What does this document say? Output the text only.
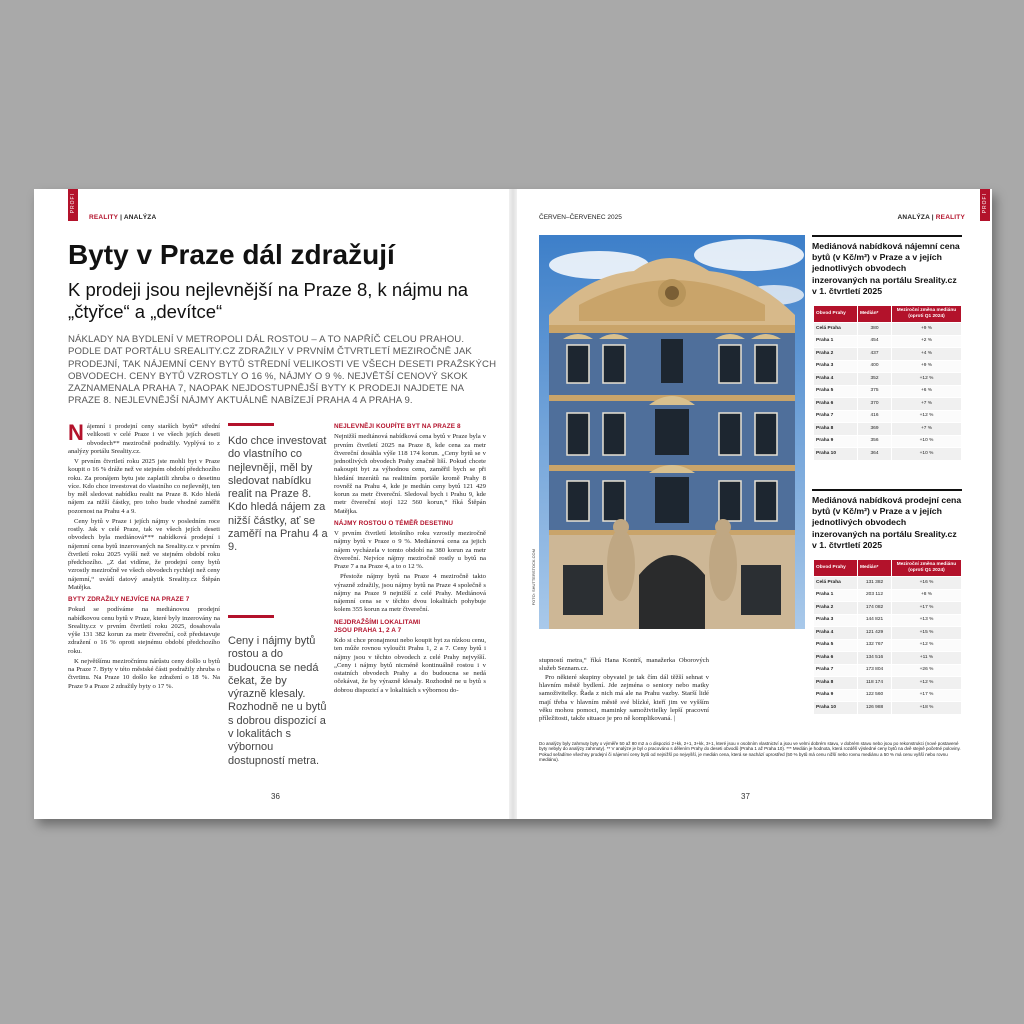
PROFI
REALITY | ANALÝZA
Byty v Praze dál zdražují
K prodeji jsou nejlevnější na Praze 8, k nájmu na „čtyřce“ a „devítce“
NÁKLADY NA BYDLENÍ V METROPOLI DÁL ROSTOU – A TO NAPŘÍČ CELOU PRAHOU. PODLE DAT PORTÁLU SREALITY.CZ ZDRAŽILY V PRVNÍM ČTVRTLETÍ MEZIROČNĚ JAK PRODEJNÍ, TAK NÁJEMNÍ CENY BYTŮ STŘEDNÍ VELIKOSTI VE VŠECH DESETI PRAŽSKÝCH OBVODECH. CENY BYTŮ VZROSTLY O 16 %, NÁJMY O 9 %. NEJVĚTŠÍ CENOVÝ SKOK ZAZNAMENALA PRAHA 7, NAOPAK NEJDOSTUPNĚJŠÍ BYTY K PRODEJI NAJDETE NA PRAZE 8. NEJLEVNĚJŠÍ NÁJMY AKTUÁLNĚ NABÍZEJÍ PRAHA 4 A PRAHA 9.

Nájemní i prodejní ceny starších bytů* střední velikosti v celé Praze i ve všech jejích deseti obvodech** meziročně podražily. Vyplývá to z analýzy portálu Sreality.cz.

V prvním čtvrtletí roku 2025 jste mohli byt v Praze koupit o 16 % dráže než ve stejném období předchozího roku. Za pronájem bytu jste zaplatili zhruba o desetinu více. Kdo chce investovat do vlastního co nejlevněji, ten by měl sledovat nabídku realit na Praze 8. Kdo hledá nájem za nižší částky, pro toho bude vhodné zaměřit pozornost na Prahu 4 a 9.

Ceny bytů v Praze i jejích nájmy v posledním roce rostly. Jak v celé Praze, tak ve všech jejích deseti obvodech byla mediánová*** nabídková prodejní i nájemní cena bytů inzerovaných na Sreality.cz v prvním čtvrtletí roku 2025 vyšší než ve stejném období roku předchozího. „Z dat vidíme, že prodejní ceny bytů vzrostly meziročně ve všech obvodech rychleji než ceny nájemní,“ uvádí datový analytik Sreality.cz Štěpán Matějka.

BYTY ZDRAŽILY NEJVÍCE NA PRAZE 7

Pokud se podíváme na mediánovou prodejní nabídkovou cenu bytů v Praze, které byly inzerovány na Sreality.cz v prvním čtvrtletí roku 2025, dosahovala výše 131 382 korun za metr čtvereční, což představuje zdražení o 16 % oproti stejnému období předchozího roku.

K největšímu meziročnímu nárůstu ceny došlo u bytů na Praze 7. Byty v této městské části podražily zhruba o čtvrtinu. Na Praze 10 došlo ke zdražení o 18 %. Na Praze 9 a Praze 2 zdražily byty o 17 %.

Kdo chce investovat do vlastního co nejlevněji, měl by sledovat nabídku realit na Praze 8. Kdo hledá nájem za nižší částky, ať se zaměří na Prahu 4 a 9.
Ceny i nájmy bytů rostou a do budoucna se nedá čekat, že by výrazně klesaly. Rozhodně ne u bytů s dobrou dispozicí a v lokalitách s výbornou dostupností metra.
NEJLEVNĚJI KOUPÍTE BYT NA PRAZE 8

Nejnižší mediánová nabídková cena bytů v Praze byla v prvním čtvrtletí 2025 na Praze 8, kde cena za metr čtvereční dosáhla výše 118 174 korun. „Ceny bytů se v jednotlivých obvodech Prahy značně liší. Pokud chcete nakoupit byt za výhodnou cenu, zaměřil bych se při hledání inzerátů na realitním portále kromě Prahy 8 rovněž na Prahu 4, kde je medián ceny bytů 121 429 korun za metr čtvereční. Sledoval bych i Prahu 9, kde metr čtvereční stojí 122 560 korun,“ říká Štěpán Matějka.

NÁJMY ROSTOU O TÉMĚŘ DESETINU

V prvním čtvrtletí letošního roku vzrostly meziročně nájmy bytů v Praze o 9 %. Mediánová cena za jejich nájem vycházela v tomto období na 380 korun za metr čtvereční. Nejvíce nájmy meziročně rostly u bytů na Praze 7 a na Praze 4, a to o 12 %.

Přestože nájmy bytů na Praze 4 meziročně takto výrazně zdražily, jsou nájmy bytů na Praze 4 společně s nájmy na Praze 9 nejnižší z celé Prahy. Mediánová nájemní cena se v těchto dvou lokalitách pohybuje kolem 355 korun za metr čtvereční.

NEJDRAŽŠÍMI LOKALITAMI
JSOU PRAHA 1, 2 A 7

Kdo si chce pronajmout nebo koupit byt za nízkou cenu, ten může rovnou vyloučit Prahu 1, 2 a 7. Ceny bytů i nájmy jsou v těchto obvodech z celé Prahy nejvyšší. „Ceny i nájmy bytů nicméně kontinuálně rostou i v ostatních obvodech Prahy a do budoucna se nedá očekávat, že by výrazně klesaly. Rozhodně ne u bytů s dobrou dispozicí a v lokalitách s výbornou do-

36
ČERVEN–ČERVENEC 2025	ANALÝZA | REALITY
PROFI
FOTO: SHUTTERSTOCK.COM

stupností metra,“ říká Hana Kontrš, manažerka Oborových služeb Seznam.cz.

Pro některé skupiny obyvatel je tak čím dál těžší sehnat v hlavním městě bydlení. Jde zejména o seniory nebo matky samoživitelky. Řada z nich má ale na Prahu vazby. Starší lidé mají třeba v hlavním městě své blízké, kteří jim ve vyšším věku mohou pomoci, maminky samoživitelky lepší pracovní příležitosti, takže situace je pro ně komplikovaná. |

Mediánová nabídková nájemní cena bytů (v Kč/m²) v Praze a v jejích jednotlivých obvodech inzerovaných na portálu Sreality.cz v 1. čtvrtletí 2025
Obvod Prahy	Medián*	Meziroční změna mediánu (oproti Q1 2024)
Celá Praha	380	+9 %
Praha 1	454	+2 %
Praha 2	437	+4 %
Praha 3	400	+9 %
Praha 4	352	+12 %
Praha 5	375	+6 %
Praha 6	370	+7 %
Praha 7	416	+12 %
Praha 8	369	+7 %
Praha 9	356	+10 %
Praha 10	364	+10 %
Mediánová nabídková prodejní cena bytů (v Kč/m²) v Praze a v jejích jednotlivých obvodech inzerovaných na portálu Sreality.cz v 1. čtvrtletí 2025
Obvod Prahy	Medián*	Meziroční změna mediánu (oproti Q1 2024)
Celá Praha	131 382	+16 %
Praha 1	203 112	+8 %
Praha 2	174 082	+17 %
Praha 3	144 821	+13 %
Praha 4	121 429	+15 %
Praha 5	132 767	+12 %
Praha 6	134 516	+11 %
Praha 7	173 804	+26 %
Praha 8	118 174	+12 %
Praha 9	122 560	+17 %
Praha 10	126 988	+18 %
Do analýzy byly zahrnuty byty o výměře 50 až 80 m2 a o dispozici 2+kk, 2+1, 3+kk, 3+1, které jsou v osobním vlastnictví a jsou ve velmi dobrém stavu, v dobrém stavu nebo jsou po rekonstrukci (nové postavené byty nebyly do analýzy zahrnuty). ** V analýze je byl o pracováno s dělením Prahy do deseti obvodů (Praha 1 až Praha 10). *** Medián je hodnota, která rozdělí výsledné ceny bytů na dvě stejně početné poloviny. Pokud seřadíme všechny prodejní či nájemní ceny bytů od nejnižší po nejvyšší, je medián cena, která se nachází uprostřed (50 % bytů má cenu nižší nebo rovnu mediánu a 50 % má cenu vyšší nebo rovnu mediánu).
37
